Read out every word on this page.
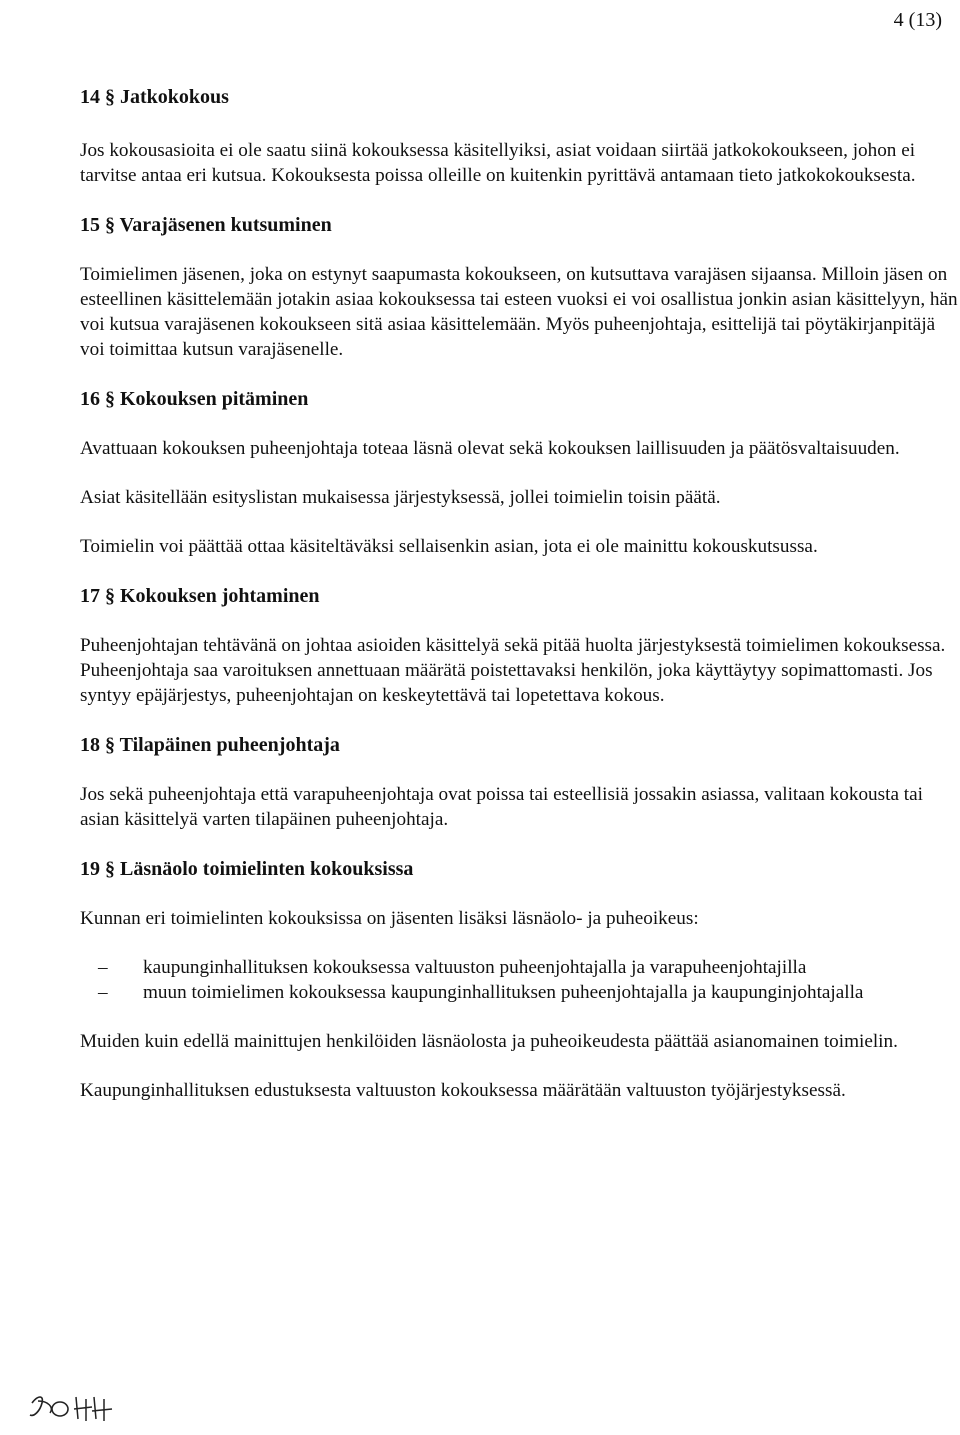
4 (13)
14 § Jatkokokous

Jos kokousasioita ei ole saatu siinä kokouksessa käsitellyiksi, asiat voidaan siirtää jatkokokoukseen, johon ei tarvitse antaa eri kutsua. Kokouksesta poissa olleille on kuitenkin pyrittävä antamaan tieto jatkokokouksesta.

15 § Varajäsenen kutsuminen

Toimielimen jäsenen, joka on estynyt saapumasta kokoukseen, on kutsuttava varajäsen sijaansa. Milloin jäsen on esteellinen käsittelemään jotakin asiaa kokouksessa tai esteen vuoksi ei voi osallistua jonkin asian käsittelyyn, hän voi kutsua varajäsenen kokoukseen sitä asiaa käsittelemään. Myös puheenjohtaja, esittelijä tai pöytäkirjanpitäjä voi toimittaa kutsun varajäsenelle.

16 § Kokouksen pitäminen

Avattuaan kokouksen puheenjohtaja toteaa läsnä olevat sekä kokouksen laillisuuden ja päätösvaltaisuuden.

Asiat käsitellään esityslistan mukaisessa järjestyksessä, jollei toimielin toisin päätä.

Toimielin voi päättää ottaa käsiteltäväksi sellaisenkin asian, jota ei ole mainittu kokouskutsussa.

17 § Kokouksen johtaminen

Puheenjohtajan tehtävänä on johtaa asioiden käsittelyä sekä pitää huolta järjestyksestä toimielimen kokouksessa. Puheenjohtaja saa varoituksen annettuaan määrätä poistettavaksi henkilön, joka käyttäytyy sopimattomasti. Jos syntyy epäjärjestys, puheenjohtajan on keskeytettävä tai lopetettava kokous.

18 § Tilapäinen puheenjohtaja

Jos sekä puheenjohtaja että varapuheenjohtaja ovat poissa tai esteellisiä jossakin asiassa, valitaan kokousta tai asian käsittelyä varten tilapäinen puheenjohtaja.

19 § Läsnäolo toimielinten kokouksissa

Kunnan eri toimielinten kokouksissa on jäsenten lisäksi läsnäolo- ja puheoikeus:

– kaupunginhallituksen kokouksessa valtuuston puheenjohtajalla ja varapuheenjohtajilla
– muun toimielimen kokouksessa kaupunginhallituksen puheenjohtajalla ja kaupunginjohtajalla

Muiden kuin edellä mainittujen henkilöiden läsnäolosta ja puheoikeudesta päättää asianomainen toimielin.

Kaupunginhallituksen edustuksesta valtuuston kokouksessa määrätään valtuuston työjärjestyksessä.
